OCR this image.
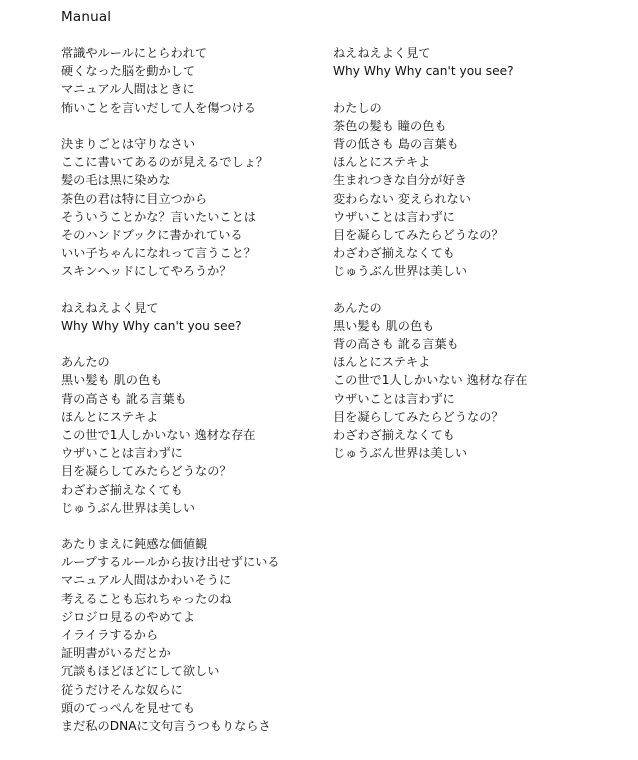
Manual
常識やルールにとらわれて
硬くなった脳を動かして
マニュアル人間はときに
怖いことを言いだして人を傷つける
決まりごとは守りなさい
ここに書いてあるのが見えるでしょ？
髪の毛は黒に染めな
茶色の君は特に目立つから
そういうことかな？言いたいことは
そのハンドブックに書かれている
いい子ちゃんになれって言うこと？
スキンヘッドにしてやろうか？
ねえねえよく見て
Why Why Why can't you see?
あんたの
黒い髪も 肌の色も
背の高さも 訛る言葉も
ほんとにステキよ
この世で1人しかいない 逸材な存在
ウザいことは言わずに
目を凝らしてみたらどうなの？
わざわざ揃えなくても
じゅうぶん世界は美しい
あたりまえに鈍感な価値観
ループするルールから抜け出せずにいる
マニュアル人間はかわいそうに
考えることも忘れちゃったのね
ジロジロ見るのやめてよ
イライラするから
証明書がいるだとか
冗談もほどほどにして欲しい
従うだけそんな奴らに
頭のてっぺんを見せても
まだ私のDNAに文句言うつもりならさ
ねえねえよく見て
Why Why Why can't you see?
わたしの
茶色の髪も 瞳の色も
背の低さも 島の言葉も
ほんとにステキよ
生まれつきな自分が好き
変わらない 変えられない
ウザいことは言わずに
目を凝らしてみたらどうなの？
わざわざ揃えなくても
じゅうぶん世界は美しい
あんたの
黒い髪も 肌の色も
背の高さも 訛る言葉も
ほんとにステキよ
この世で1人しかいない 逸材な存在
ウザいことは言わずに
目を凝らしてみたらどうなの？
わざわざ揃えなくても
じゅうぶん世界は美しい
